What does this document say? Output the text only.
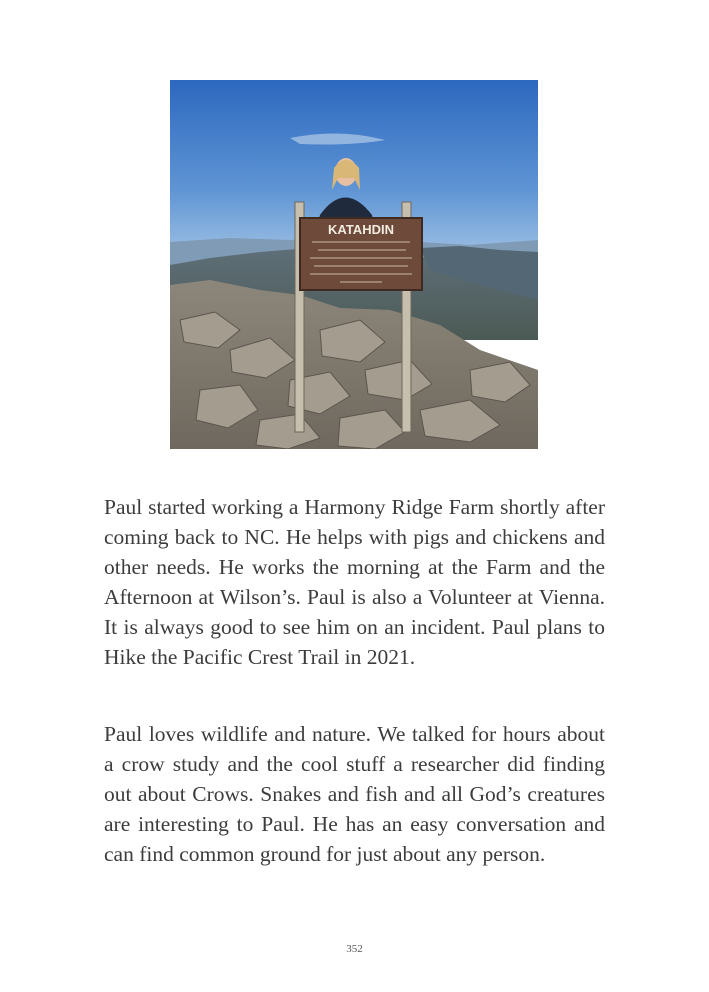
KATAHDIN
Paul started working a Harmony Ridge Farm shortly after coming back to NC. He helps with pigs and chickens and other needs. He works the morning at the Farm and the Afternoon at Wilson’s. Paul is also a Volunteer at Vienna. It is always good to see him on an incident. Paul plans to Hike the Pacific Crest Trail in 2021.
Paul loves wildlife and nature. We talked for hours about a crow study and the cool stuff a researcher did finding out about Crows. Snakes and fish and all God’s creatures are interesting to Paul. He has an easy conversation and can find common ground for just about any person.
352
